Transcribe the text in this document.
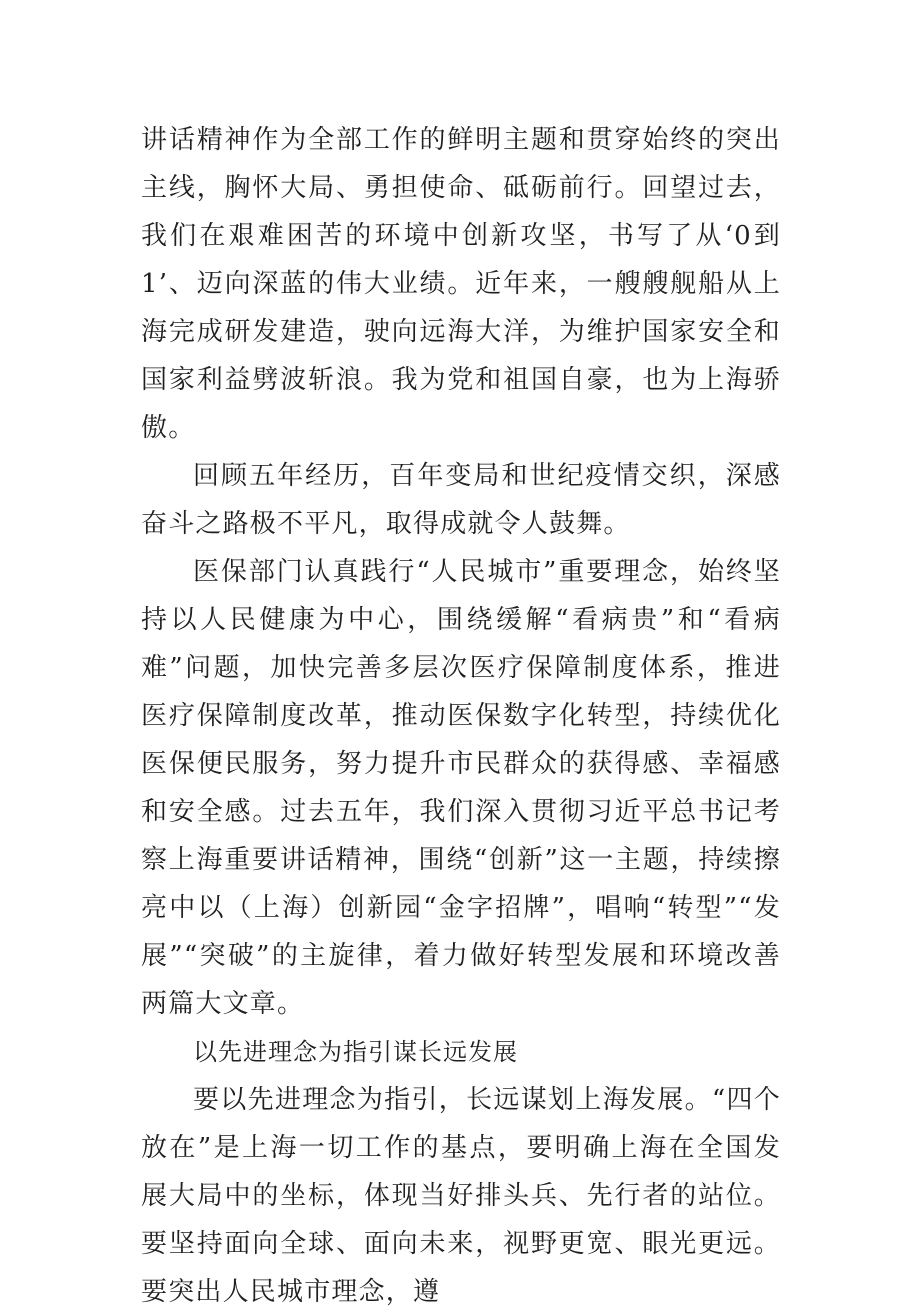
讲话精神作为全部工作的鲜明主题和贯穿始终的突出主线，胸怀大局、勇担使命、砥砺前行。回望过去，我们在艰难困苦的环境中创新攻坚，书写了从‘0到1’、迈向深蓝的伟大业绩。近年来，一艘艘舰船从上海完成研发建造，驶向远海大洋，为维护国家安全和国家利益劈波斩浪。我为党和祖国自豪，也为上海骄傲。

回顾五年经历，百年变局和世纪疫情交织，深感奋斗之路极不平凡，取得成就令人鼓舞。

医保部门认真践行“人民城市”重要理念，始终坚持以人民健康为中心，围绕缓解“看病贵”和“看病难”问题，加快完善多层次医疗保障制度体系，推进医疗保障制度改革，推动医保数字化转型，持续优化医保便民服务，努力提升市民群众的获得感、幸福感和安全感。过去五年，我们深入贯彻习近平总书记考察上海重要讲话精神，围绕“创新”这一主题，持续擦亮中以（上海）创新园“金字招牌”，唱响“转型”“发展”“突破”的主旋律，着力做好转型发展和环境改善两篇大文章。

以先进理念为指引谋长远发展

要以先进理念为指引，长远谋划上海发展。“四个放在”是上海一切工作的基点，要明确上海在全国发展大局中的坐标，体现当好排头兵、先行者的站位。要坚持面向全球、面向未来，视野更宽、眼光更远。要突出人民城市理念，遵
